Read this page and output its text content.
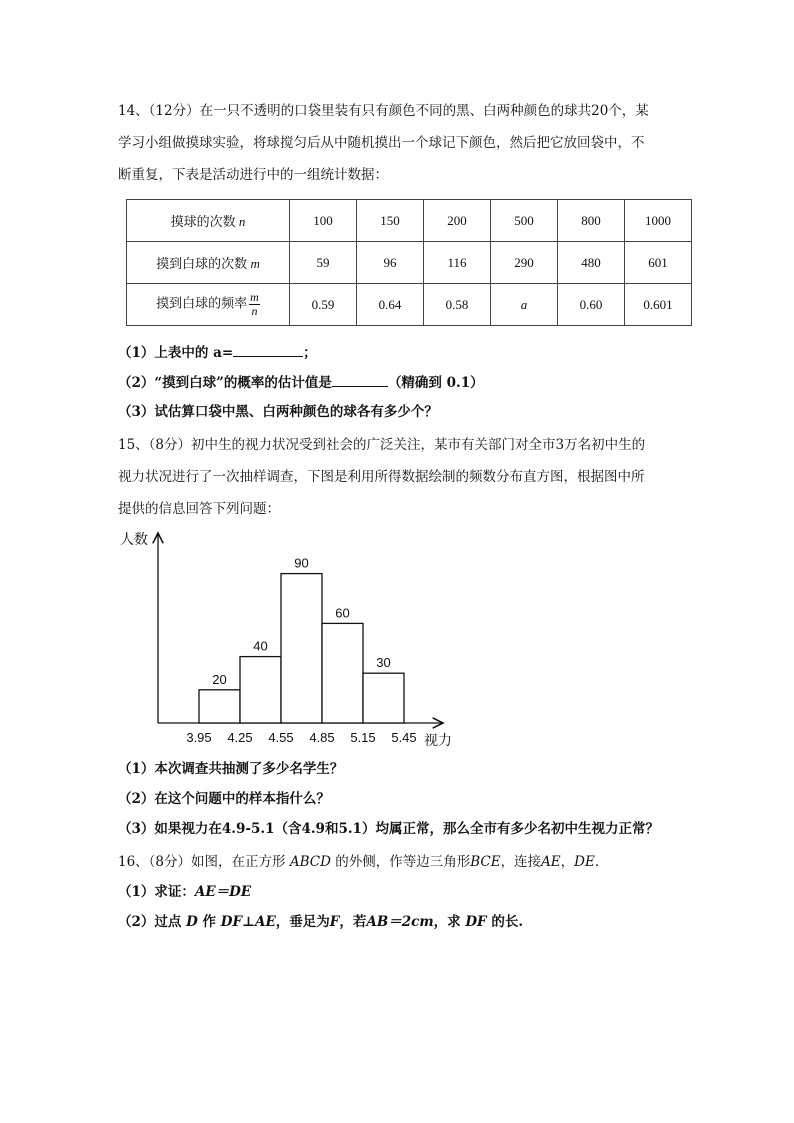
14、（12分）在一只不透明的口袋里装有只有颜色不同的黑、白两种颜色的球共20个，某
学习小组做摸球实验，将球搅匀后从中随机摸出一个球记下颜色，然后把它放回袋中，不
断重复，下表是活动进行中的一组统计数据：
摸球的次数 n	100	150	200	500	800	1000
摸到白球的次数 m	59	96	116	290	480	601
摸到白球的频率 $\frac{m}{n}$	0.59	0.64	0.58	a	0.60	0.601
（1）上表中的 a=	；
（2）“摸到白球”的概率的估计值是	（精确到 0.1）
（3）试估算口袋中黑、白两种颜色的球各有多少个？
15、（8分）初中生的视力状况受到社会的广泛关注，某市有关部门对全市3万名初中生的
视力状况进行了一次抽样调查，下图是利用所得数据绘制的频数分布直方图，根据图中所
提供的信息回答下列问题：
人数
视力
20
40
90
60
30
3.95 4.25 4.55 4.85 5.15 5.45
（1）本次调查共抽测了多少名学生？
（2）在这个问题中的样本指什么？
（3）如果视力在4.9-5.1（含4.9和5.1）均属正常，那么全市有多少名初中生视力正常？
16、（8分）如图，在正方形 ABCD 的外侧，作等边三角形BCE，连接AE，DE．
（1）求证：AE＝DE
（2）过点 D 作 DF⊥AE，垂足为F，若AB＝2cm，求 DF 的长.
